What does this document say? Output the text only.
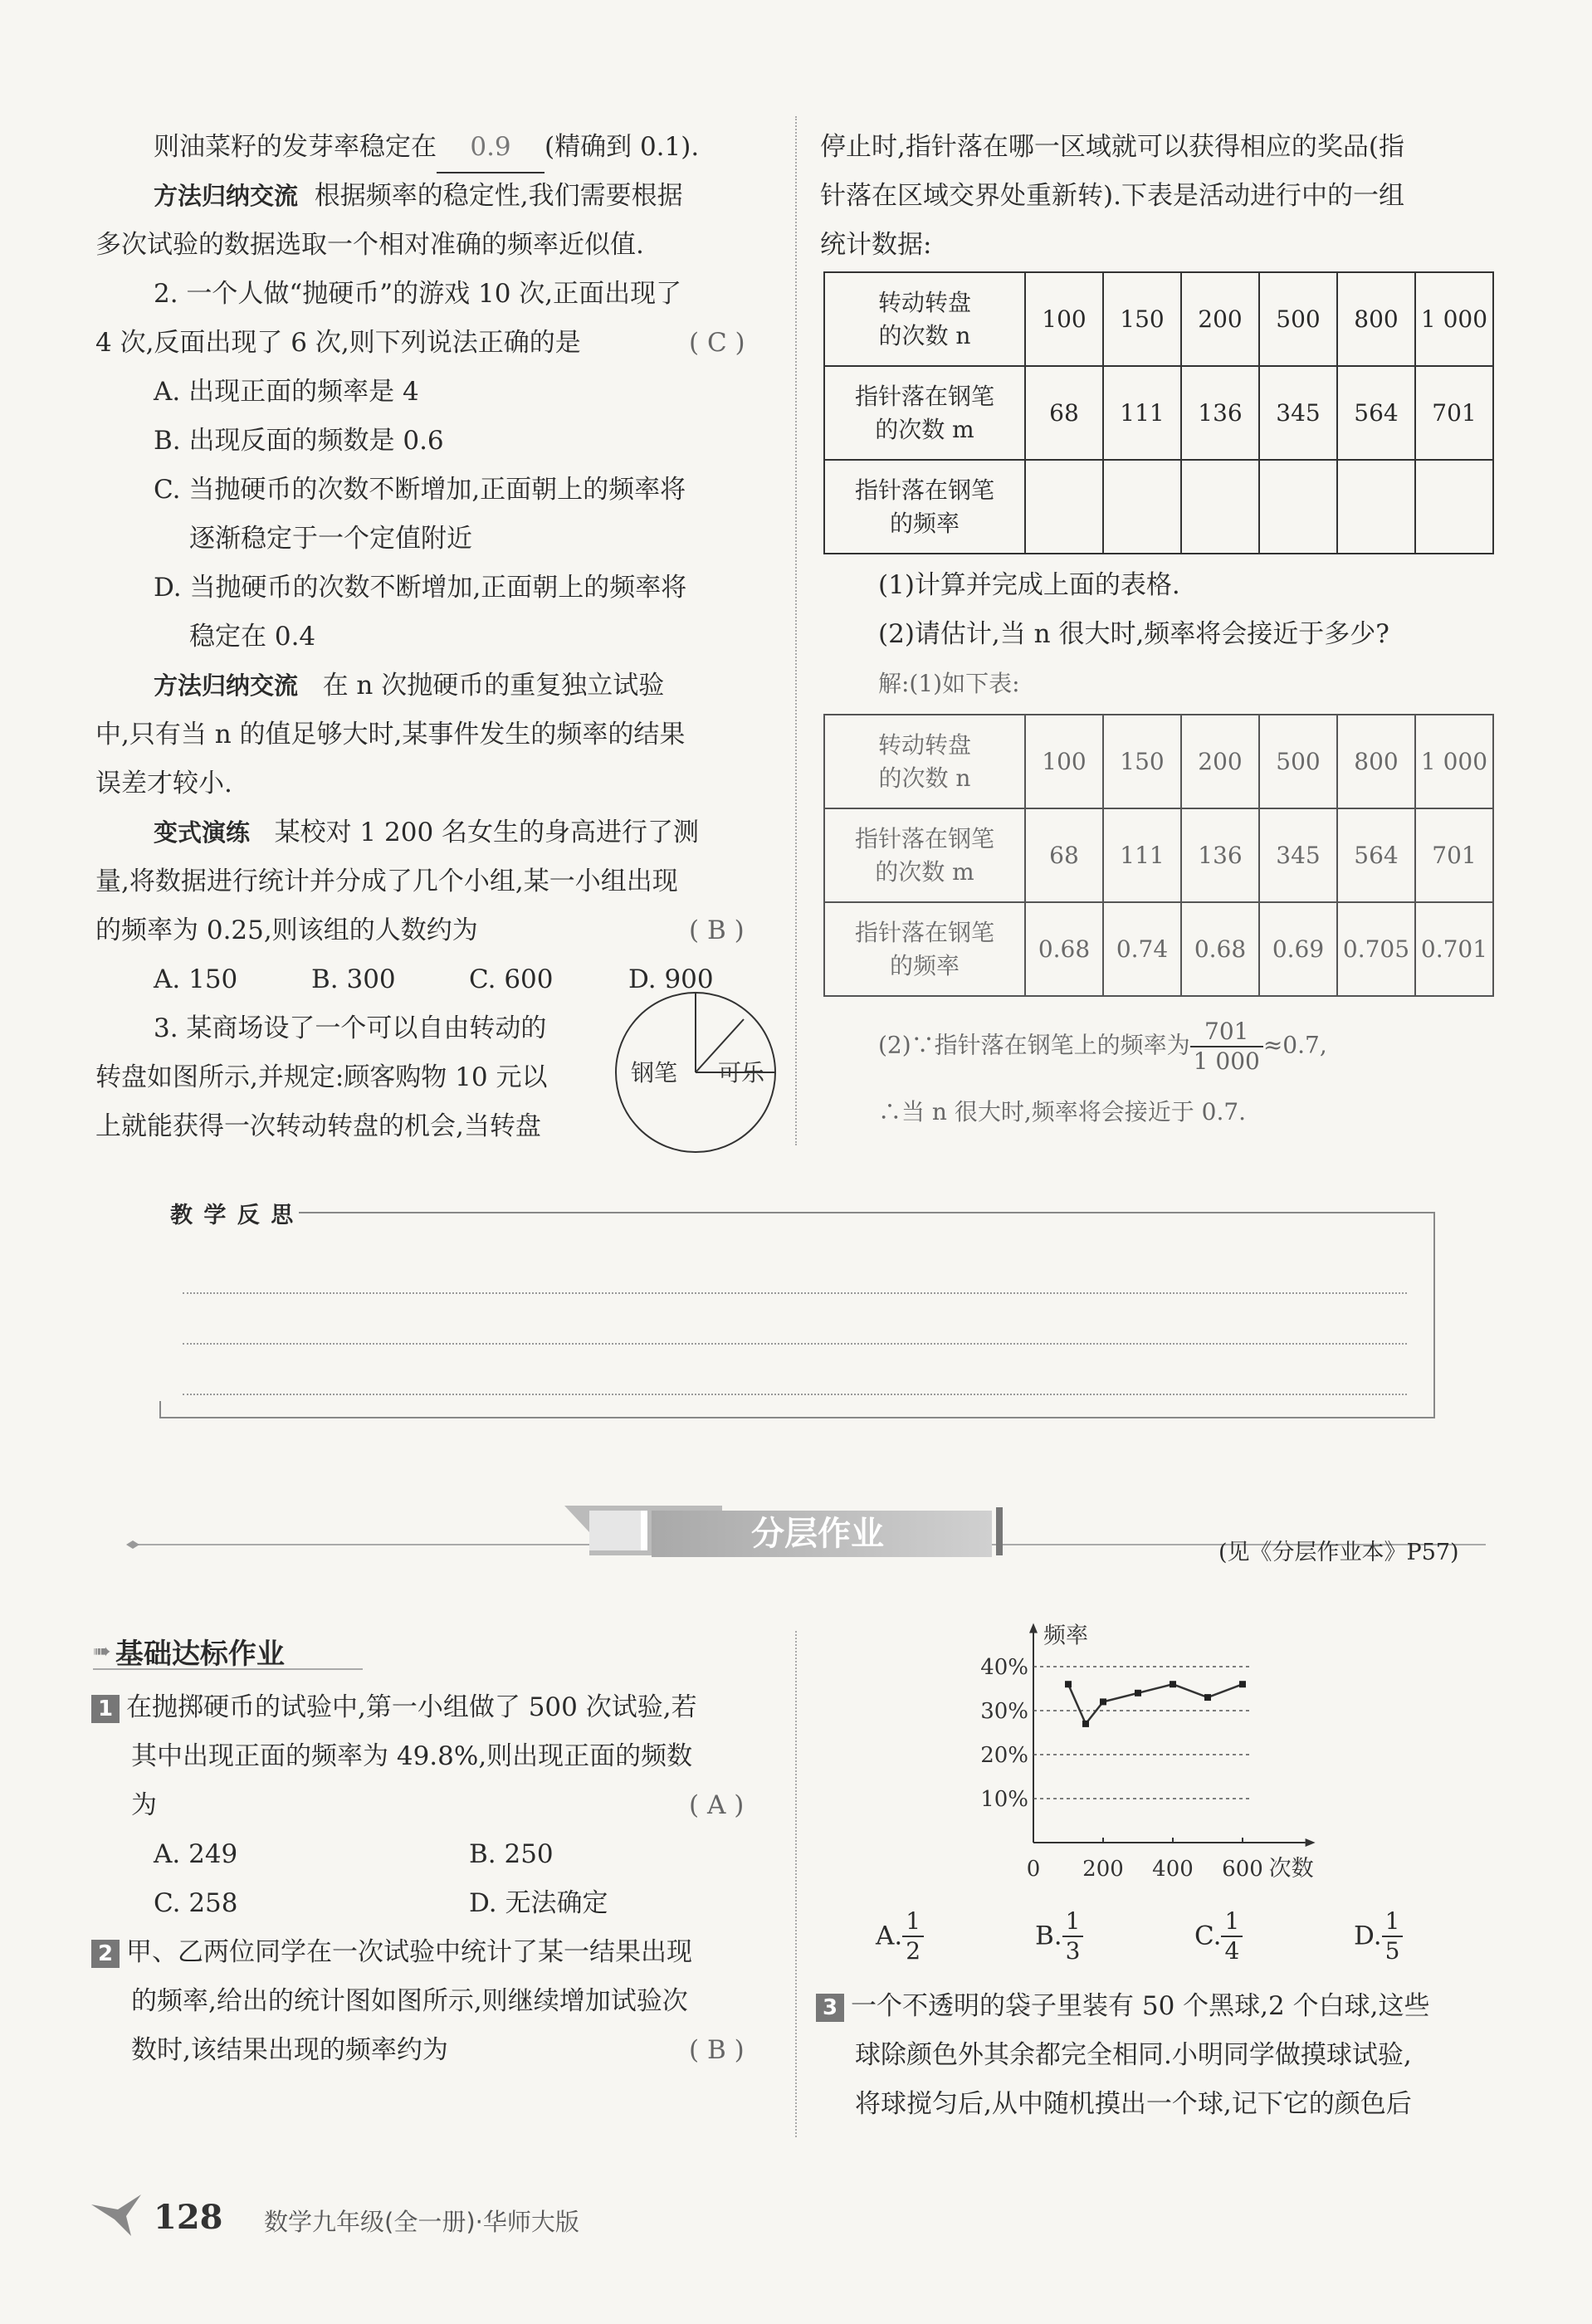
则油菜籽的发芽率稳定在 0.9 (精确到 0.1).
方法归纳交流 根据频率的稳定性,我们需要根据
多次试验的数据选取一个相对准确的频率近似值.
2. 一个人做“抛硬币”的游戏 10 次,正面出现了
4 次,反面出现了 6 次,则下列说法正确的是	( C )
A. 出现正面的频率是 4
B. 出现反面的频数是 0.6
C. 当抛硬币的次数不断增加,正面朝上的频率将
逐渐稳定于一个定值附近
D. 当抛硬币的次数不断增加,正面朝上的频率将
稳定在 0.4
方法归纳交流 在 n 次抛硬币的重复独立试验
中,只有当 n 的值足够大时,某事件发生的频率的结果
误差才较小.
变式演练 某校对 1 200 名女生的身高进行了测
量,将数据进行统计并分成了几个小组,某一小组出现
的频率为 0.25,则该组的人数约为	( B )
A. 150	B. 300	C. 600	D. 900
3. 某商场设了一个可以自由转动的
转盘如图所示,并规定:顾客购物 10 元以
上就能获得一次转动转盘的机会,当转盘
钢笔 可乐
停止时,指针落在哪一区域就可以获得相应的奖品(指
针落在区域交界处重新转).下表是活动进行中的一组
统计数据:
转动转盘
的次数 n	100	150	200	500	800	1 000
指针落在钢笔
的次数 m	68	111	136	345	564	701
指针落在钢笔
的频率						
(1)计算并完成上面的表格.
(2)请估计,当 n 很大时,频率将会接近于多少?
解:(1)如下表:
转动转盘
的次数 n	100	150	200	500	800	1 000
指针落在钢笔
的次数 m	68	111	136	345	564	701
指针落在钢笔
的频率	0.68	0.74	0.68	0.69	0.705	0.701
(2)∵指针落在钢笔上的频率为 $\frac{701}{1 000} \approx 0.7$,
∴当 n 很大时,频率将会接近于 0.7.
教 学 反 思
分层作业	(见《分层作业本》P57)
➠ 基础达标作业
1 在抛掷硬币的试验中,第一小组做了 500 次试验,若
其中出现正面的频率为 49.8%,则出现正面的频数
为	( A )
A. 249	B. 250
C. 258	D. 无法确定
2 甲、乙两位同学在一次试验中统计了某一结果出现
的频率,给出的统计图如图所示,则继续增加试验次
数时,该结果出现的频率约为	( B )
10%
20%
30%
40%
0 200 400 600
频率
次数
A. $\frac{1}{2}$	B. $\frac{1}{3}$	C. $\frac{1}{4}$	D. $\frac{1}{5}$
3 一个不透明的袋子里装有 50 个黑球,2 个白球,这些
球除颜色外其余都完全相同.小明同学做摸球试验,
将球搅匀后,从中随机摸出一个球,记下它的颜色后
128 数学九年级(全一册)·华师大版
